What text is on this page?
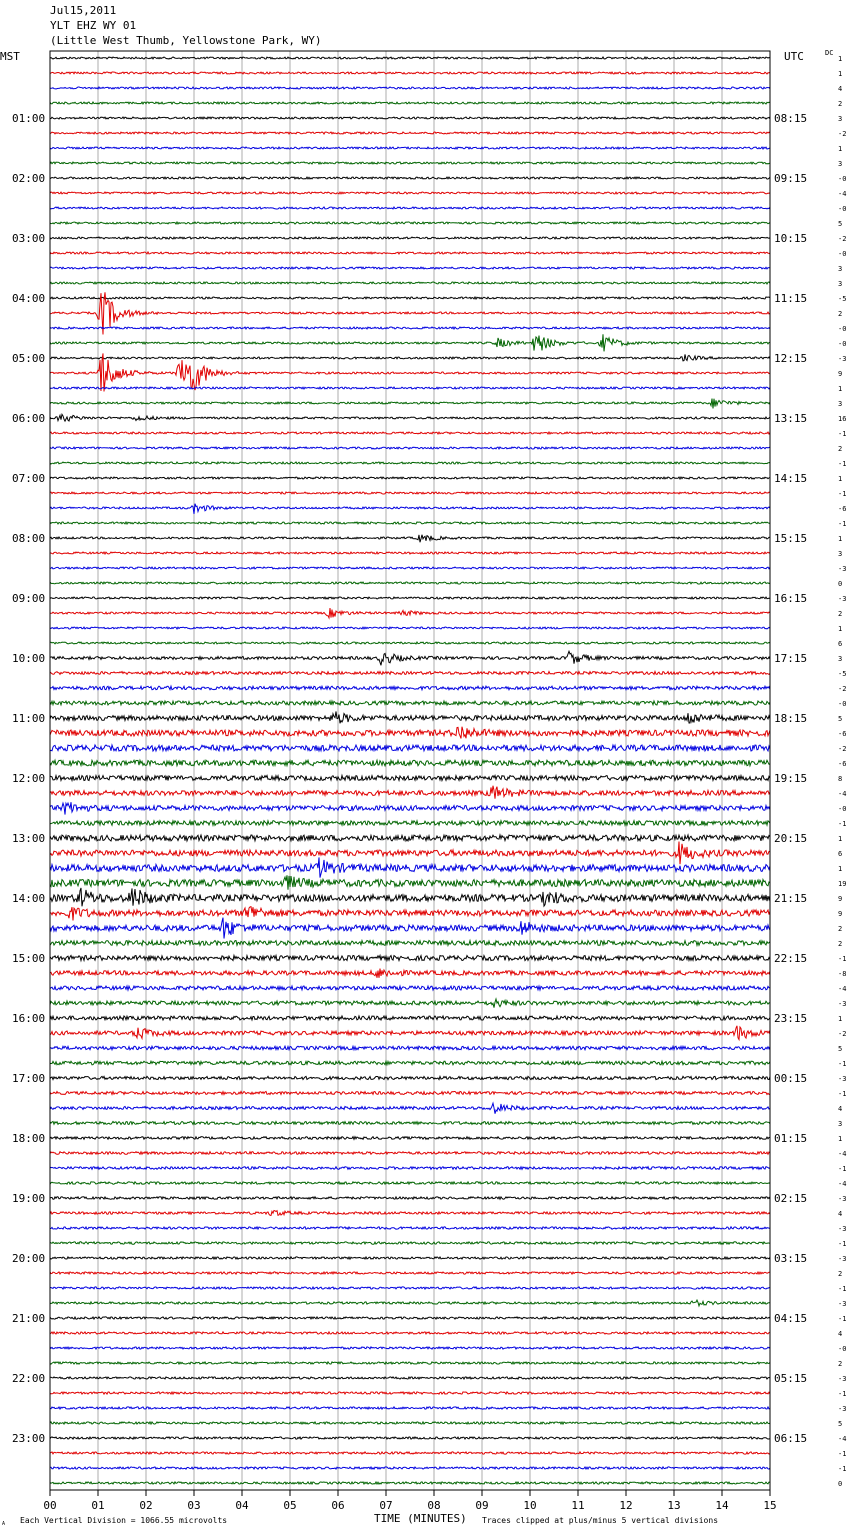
Jul15,2011
YLT EHZ WY 01
(Little West Thumb, Yellowstone Park, WY)
00	01	02	03	04	05	06	07	08	09	10	11	12	13	14	15
1
1
4
2
3
-2
1
3
-0
-4
-0
5
-2
-0
3
3
-5
2
-0
-0
-3
9
1
3
16
-1
2
-1
1
-1
-6
-1
1
3
-3
0
-3
2
1
6
3
-5
-2
-0
5
-6
-2
-6
8
-4
-0
-1
1
6
1
19
9
9
2
2
-1
-8
-4
-3
1
-2
5
-1
-3
-1
4
3
1
-4
-1
-4
-3
4
-3
-1
-3
2
-1
-3
-1
4
-0
2
-3
-1
-3
5
-4
-1
-1
0
01:00
02:00
03:00
04:00
05:00
06:00
07:00
08:00
09:00
10:00
11:00
12:00
13:00
14:00
15:00
16:00
17:00
18:00
19:00
20:00
21:00
22:00
23:00
08:15
09:15
10:15
11:15
12:15
13:15
14:15
15:15
16:15
17:15
18:15
19:15
20:15
21:15
22:15
23:15
00:15
01:15
02:15
03:15
04:15
05:15
06:15
MST	UTC	DC
TIME (MINUTES)
Each Vertical Division = 1066.55 microvolts	Traces clipped at plus/minus 5 vertical divisions
A
